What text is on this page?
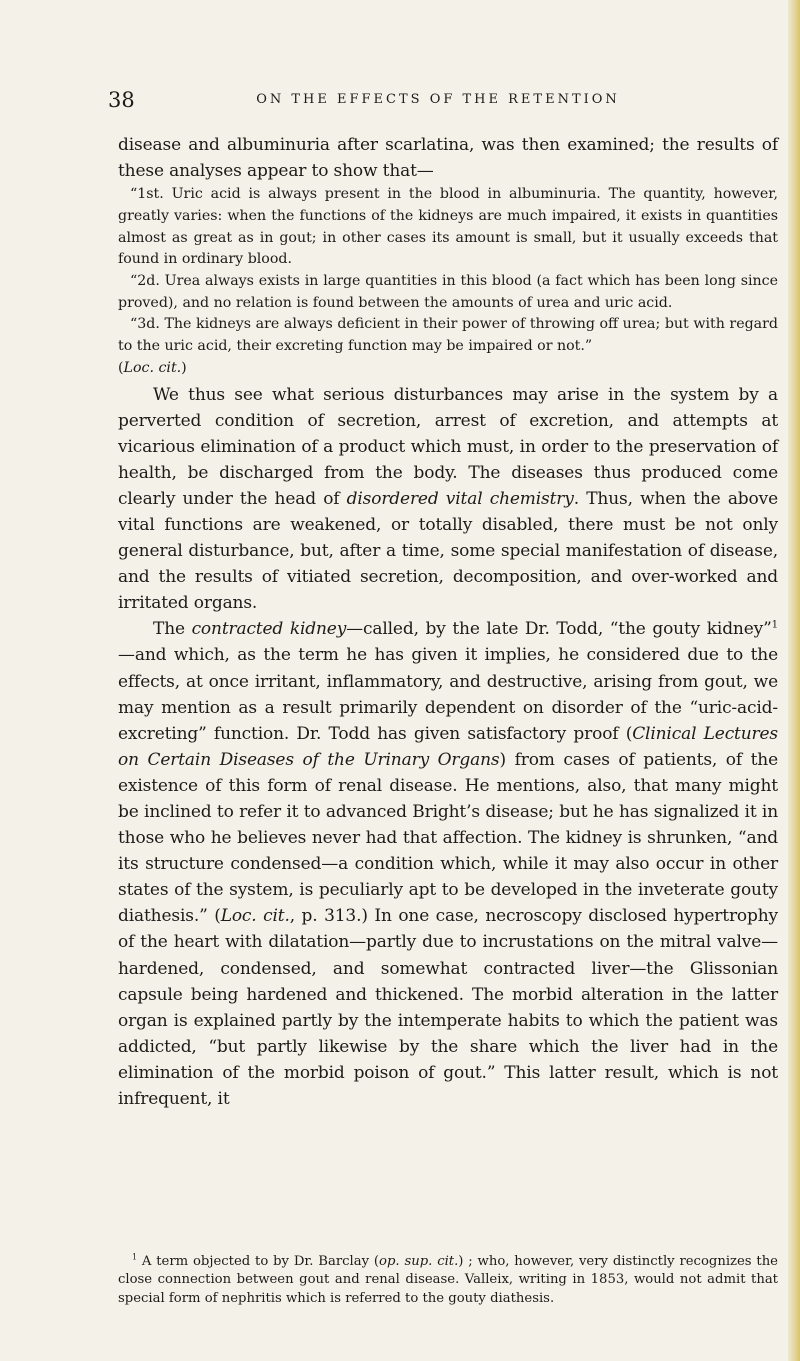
38	ON THE EFFECTS OF THE RETENTION

disease and albuminuria after scarlatina, was then examined; the results of these analyses appear to show that—

“1st. Uric acid is always present in the blood in albuminuria. The quantity, however, greatly varies: when the functions of the kidneys are much impaired, it exists in quantities almost as great as in gout; in other cases its amount is small, but it usually exceeds that found in ordinary blood.

“2d. Urea always exists in large quantities in this blood (a fact which has been long since proved), and no relation is found between the amounts of urea and uric acid.

“3d. The kidneys are always deficient in their power of throwing off urea; but with regard to the uric acid, their excreting function may be impaired or not.”

(Loc. cit.)

We thus see what serious disturbances may arise in the system by a perverted condition of secretion, arrest of excretion, and attempts at vicarious elimination of a product which must, in order to the preservation of health, be discharged from the body. The diseases thus produced come clearly under the head of disordered vital chemistry. Thus, when the above vital functions are weakened, or totally disabled, there must be not only general disturbance, but, after a time, some special manifestation of disease, and the results of vitiated secretion, decomposition, and over-worked and irritated organs.

The contracted kidney—called, by the late Dr. Todd, “the gouty kidney”$^1$—and which, as the term he has given it implies, he considered due to the effects, at once irritant, inflammatory, and destructive, arising from gout, we may mention as a result primarily dependent on disorder of the “uric-acid-excreting” function. Dr. Todd has given satisfactory proof (Clinical Lectures on Certain Diseases of the Urinary Organs) from cases of patients, of the existence of this form of renal disease. He mentions, also, that many might be inclined to refer it to advanced Bright’s disease; but he has signalized it in those who he believes never had that affection. The kidney is shrunken, “and its structure condensed—a condition which, while it may also occur in other states of the system, is peculiarly apt to be developed in the inveterate gouty diathesis.” (Loc. cit., p. 313.) In one case, necroscopy disclosed hypertrophy of the heart with dilatation—partly due to incrustations on the mitral valve—hardened, condensed, and somewhat contracted liver—the Glissonian capsule being hardened and thickened. The morbid alteration in the latter organ is explained partly by the intemperate habits to which the patient was addicted, “but partly likewise by the share which the liver had in the elimination of the morbid poison of gout.” This latter result, which is not infrequent, it

$^1$ A term objected to by Dr. Barclay (op. sup. cit.) ; who, however, very distinctly recognizes the close connection between gout and renal disease. Valleix, writing in 1853, would not admit that special form of nephritis which is referred to the gouty diathesis.
